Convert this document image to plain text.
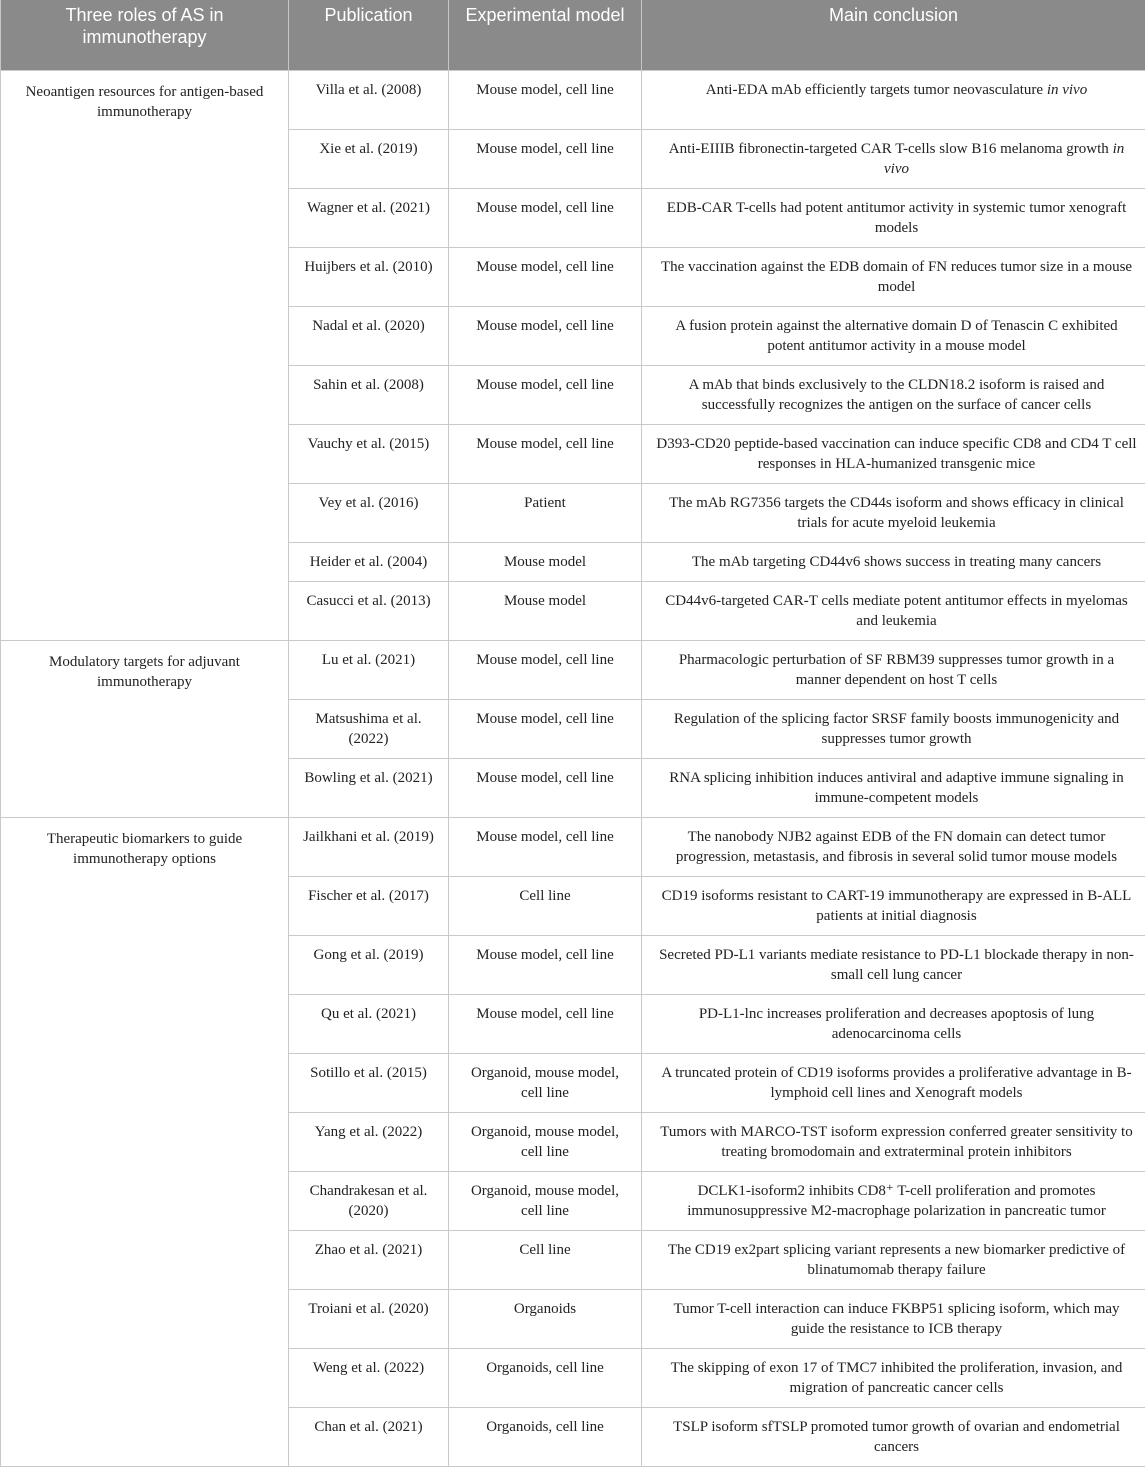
Three roles of AS in immunotherapy	Publication	Experimental model	Main conclusion
Neoantigen resources for antigen-based immunotherapy	Villa et al. (2008)	Mouse model, cell line	Anti-EDA mAb efficiently targets tumor neovasculature in vivo
	Xie et al. (2019)	Mouse model, cell line	Anti-EIIIB fibronectin-targeted CAR T-cells slow B16 melanoma growth in vivo
	Wagner et al. (2021)	Mouse model, cell line	EDB-CAR T-cells had potent antitumor activity in systemic tumor xenograft models
	Huijbers et al. (2010)	Mouse model, cell line	The vaccination against the EDB domain of FN reduces tumor size in a mouse model
	Nadal et al. (2020)	Mouse model, cell line	A fusion protein against the alternative domain D of Tenascin C exhibited potent antitumor activity in a mouse model
	Sahin et al. (2008)	Mouse model, cell line	A mAb that binds exclusively to the CLDN18.2 isoform is raised and successfully recognizes the antigen on the surface of cancer cells
	Vauchy et al. (2015)	Mouse model, cell line	D393-CD20 peptide-based vaccination can induce specific CD8 and CD4 T cell responses in HLA-humanized transgenic mice
	Vey et al. (2016)	Patient	The mAb RG7356 targets the CD44s isoform and shows efficacy in clinical trials for acute myeloid leukemia
	Heider et al. (2004)	Mouse model	The mAb targeting CD44v6 shows success in treating many cancers
	Casucci et al. (2013)	Mouse model	CD44v6-targeted CAR-T cells mediate potent antitumor effects in myelomas and leukemia
Modulatory targets for adjuvant immunotherapy	Lu et al. (2021)	Mouse model, cell line	Pharmacologic perturbation of SF RBM39 suppresses tumor growth in a manner dependent on host T cells
	Matsushima et al. (2022)	Mouse model, cell line	Regulation of the splicing factor SRSF family boosts immunogenicity and suppresses tumor growth
	Bowling et al. (2021)	Mouse model, cell line	RNA splicing inhibition induces antiviral and adaptive immune signaling in immune-competent models
Therapeutic biomarkers to guide immunotherapy options	Jailkhani et al. (2019)	Mouse model, cell line	The nanobody NJB2 against EDB of the FN domain can detect tumor progression, metastasis, and fibrosis in several solid tumor mouse models
	Fischer et al. (2017)	Cell line	CD19 isoforms resistant to CART-19 immunotherapy are expressed in B-ALL patients at initial diagnosis
	Gong et al. (2019)	Mouse model, cell line	Secreted PD-L1 variants mediate resistance to PD-L1 blockade therapy in non-small cell lung cancer
	Qu et al. (2021)	Mouse model, cell line	PD-L1-lnc increases proliferation and decreases apoptosis of lung adenocarcinoma cells
	Sotillo et al. (2015)	Organoid, mouse model, cell line	A truncated protein of CD19 isoforms provides a proliferative advantage in B-lymphoid cell lines and Xenograft models
	Yang et al. (2022)	Organoid, mouse model, cell line	Tumors with MARCO-TST isoform expression conferred greater sensitivity to treating bromodomain and extraterminal protein inhibitors
	Chandrakesan et al. (2020)	Organoid, mouse model, cell line	DCLK1-isoform2 inhibits CD8⁺ T-cell proliferation and promotes immunosuppressive M2-macrophage polarization in pancreatic tumor
	Zhao et al. (2021)	Cell line	The CD19 ex2part splicing variant represents a new biomarker predictive of blinatumomab therapy failure
	Troiani et al. (2020)	Organoids	Tumor T-cell interaction can induce FKBP51 splicing isoform, which may guide the resistance to ICB therapy
	Weng et al. (2022)	Organoids, cell line	The skipping of exon 17 of TMC7 inhibited the proliferation, invasion, and migration of pancreatic cancer cells
	Chan et al. (2021)	Organoids, cell line	TSLP isoform sfTSLP promoted tumor growth of ovarian and endometrial cancers
